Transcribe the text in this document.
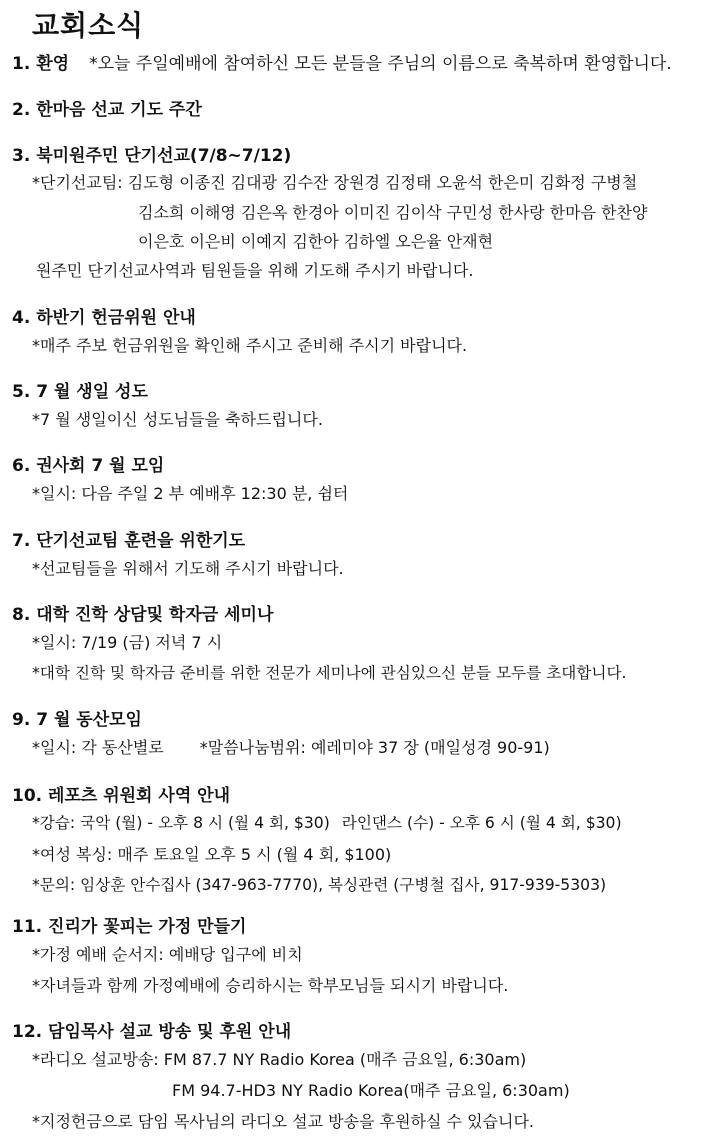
교회소식
1. 환영 *오늘 주일예배에 참여하신 모든 분들을 주님의 이름으로 축복하며 환영합니다.
2. 한마음 선교 기도 주간
3. 북미원주민 단기선교(7/8~7/12)
*단기선교팀: 김도형 이종진 김대광 김수잔 장원경 김정태 오윤석 한은미 김화정 구병철
김소희 이해영 김은옥 한경아 이미진 김이삭 구민성 한사랑 한마음 한찬양
이은호 이은비 이예지 김한아 김하엘 오은율 안재현
원주민 단기선교사역과 팀원들을 위해 기도해 주시기 바랍니다.
4. 하반기 헌금위원 안내
*매주 주보 헌금위원을 확인해 주시고 준비해 주시기 바랍니다.
5. 7 월 생일 성도
*7 월 생일이신 성도님들을 축하드립니다.
6. 권사회 7 월 모임
*일시: 다음 주일 2 부 예배후 12:30 분, 쉼터
7. 단기선교팀 훈련을 위한기도
*선교팀들을 위해서 기도해 주시기 바랍니다.
8. 대학 진학 상담및 학자금 세미나
*일시: 7/19 (금) 저녁 7 시
*대학 진학 및 학자금 준비를 위한 전문가 세미나에 관심있으신 분들 모두를 초대합니다.
9. 7 월 동산모임
*일시: 각 동산별로 *말씀나눔범위: 예레미야 37 장 (매일성경 90-91)
10. 레포츠 위원회 사역 안내
*강습: 국악 (월) - 오후 8 시 (월 4 회, $30) 라인댄스 (수) - 오후 6 시 (월 4 회, $30)
*여성 복싱: 매주 토요일 오후 5 시 (월 4 회, $100)
*문의: 임상훈 안수집사 (347-963-7770), 복싱관련 (구병철 집사, 917-939-5303)
11. 진리가 꽃피는 가정 만들기
*가정 예배 순서지: 예배당 입구에 비치
*자녀들과 함께 가정예배에 승리하시는 학부모님들 되시기 바랍니다.
12. 담임목사 설교 방송 및 후원 안내
*라디오 설교방송: FM 87.7 NY Radio Korea (매주 금요일, 6:30am)
FM 94.7-HD3 NY Radio Korea(매주 금요일, 6:30am)
*지정헌금으로 담임 목사님의 라디오 설교 방송을 후원하실 수 있습니다.
